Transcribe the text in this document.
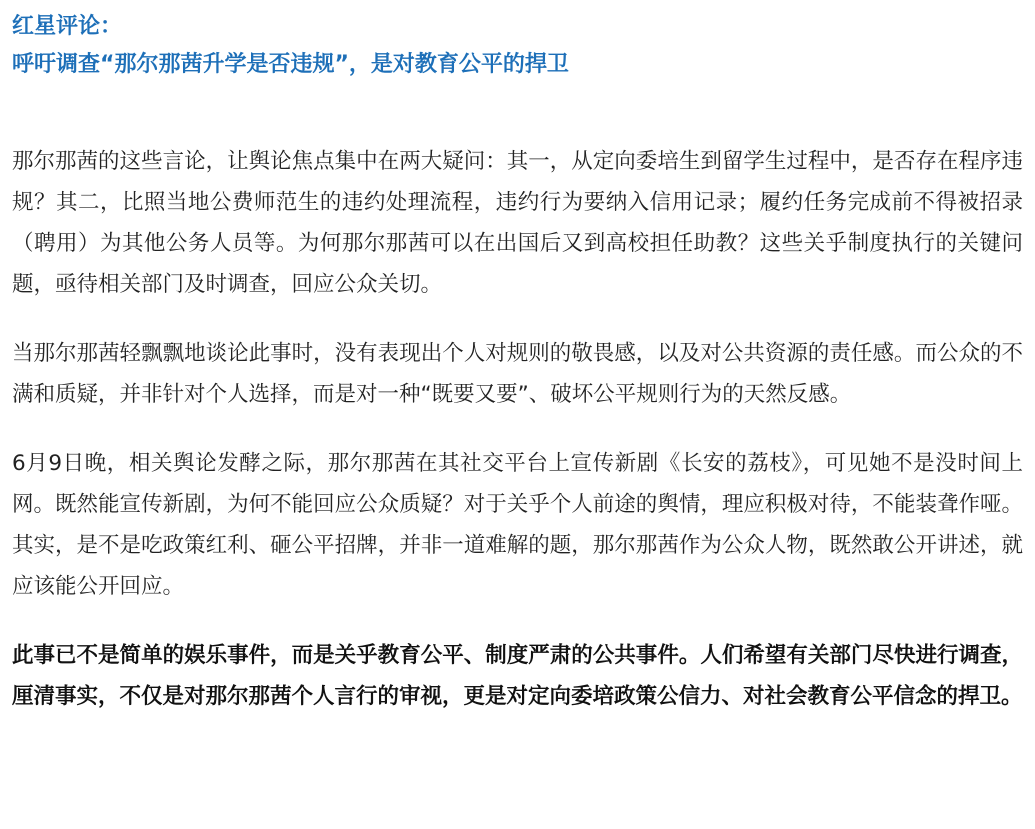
红星评论：
呼吁调查“那尔那茜升学是否违规”，是对教育公平的捍卫

那尔那茜的这些言论，让舆论焦点集中在两大疑问：其一，从定向委培生到留学生过程中，是否存在程序违规？其二，比照当地公费师范生的违约处理流程，违约行为要纳入信用记录；履约任务完成前不得被招录（聘用）为其他公务人员等。为何那尔那茜可以在出国后又到高校担任助教？这些关乎制度执行的关键问题，亟待相关部门及时调查，回应公众关切。

当那尔那茜轻飘飘地谈论此事时，没有表现出个人对规则的敬畏感，以及对公共资源的责任感。而公众的不满和质疑，并非针对个人选择，而是对一种“既要又要”、破坏公平规则行为的天然反感。

6月9日晚，相关舆论发酵之际，那尔那茜在其社交平台上宣传新剧《长安的荔枝》，可见她不是没时间上网。既然能宣传新剧，为何不能回应公众质疑？对于关乎个人前途的舆情，理应积极对待，不能装聋作哑。其实，是不是吃政策红利、砸公平招牌，并非一道难解的题，那尔那茜作为公众人物，既然敢公开讲述，就应该能公开回应。

此事已不是简单的娱乐事件，而是关乎教育公平、制度严肃的公共事件。人们希望有关部门尽快进行调查，厘清事实，不仅是对那尔那茜个人言行的审视，更是对定向委培政策公信力、对社会教育公平信念的捍卫。
